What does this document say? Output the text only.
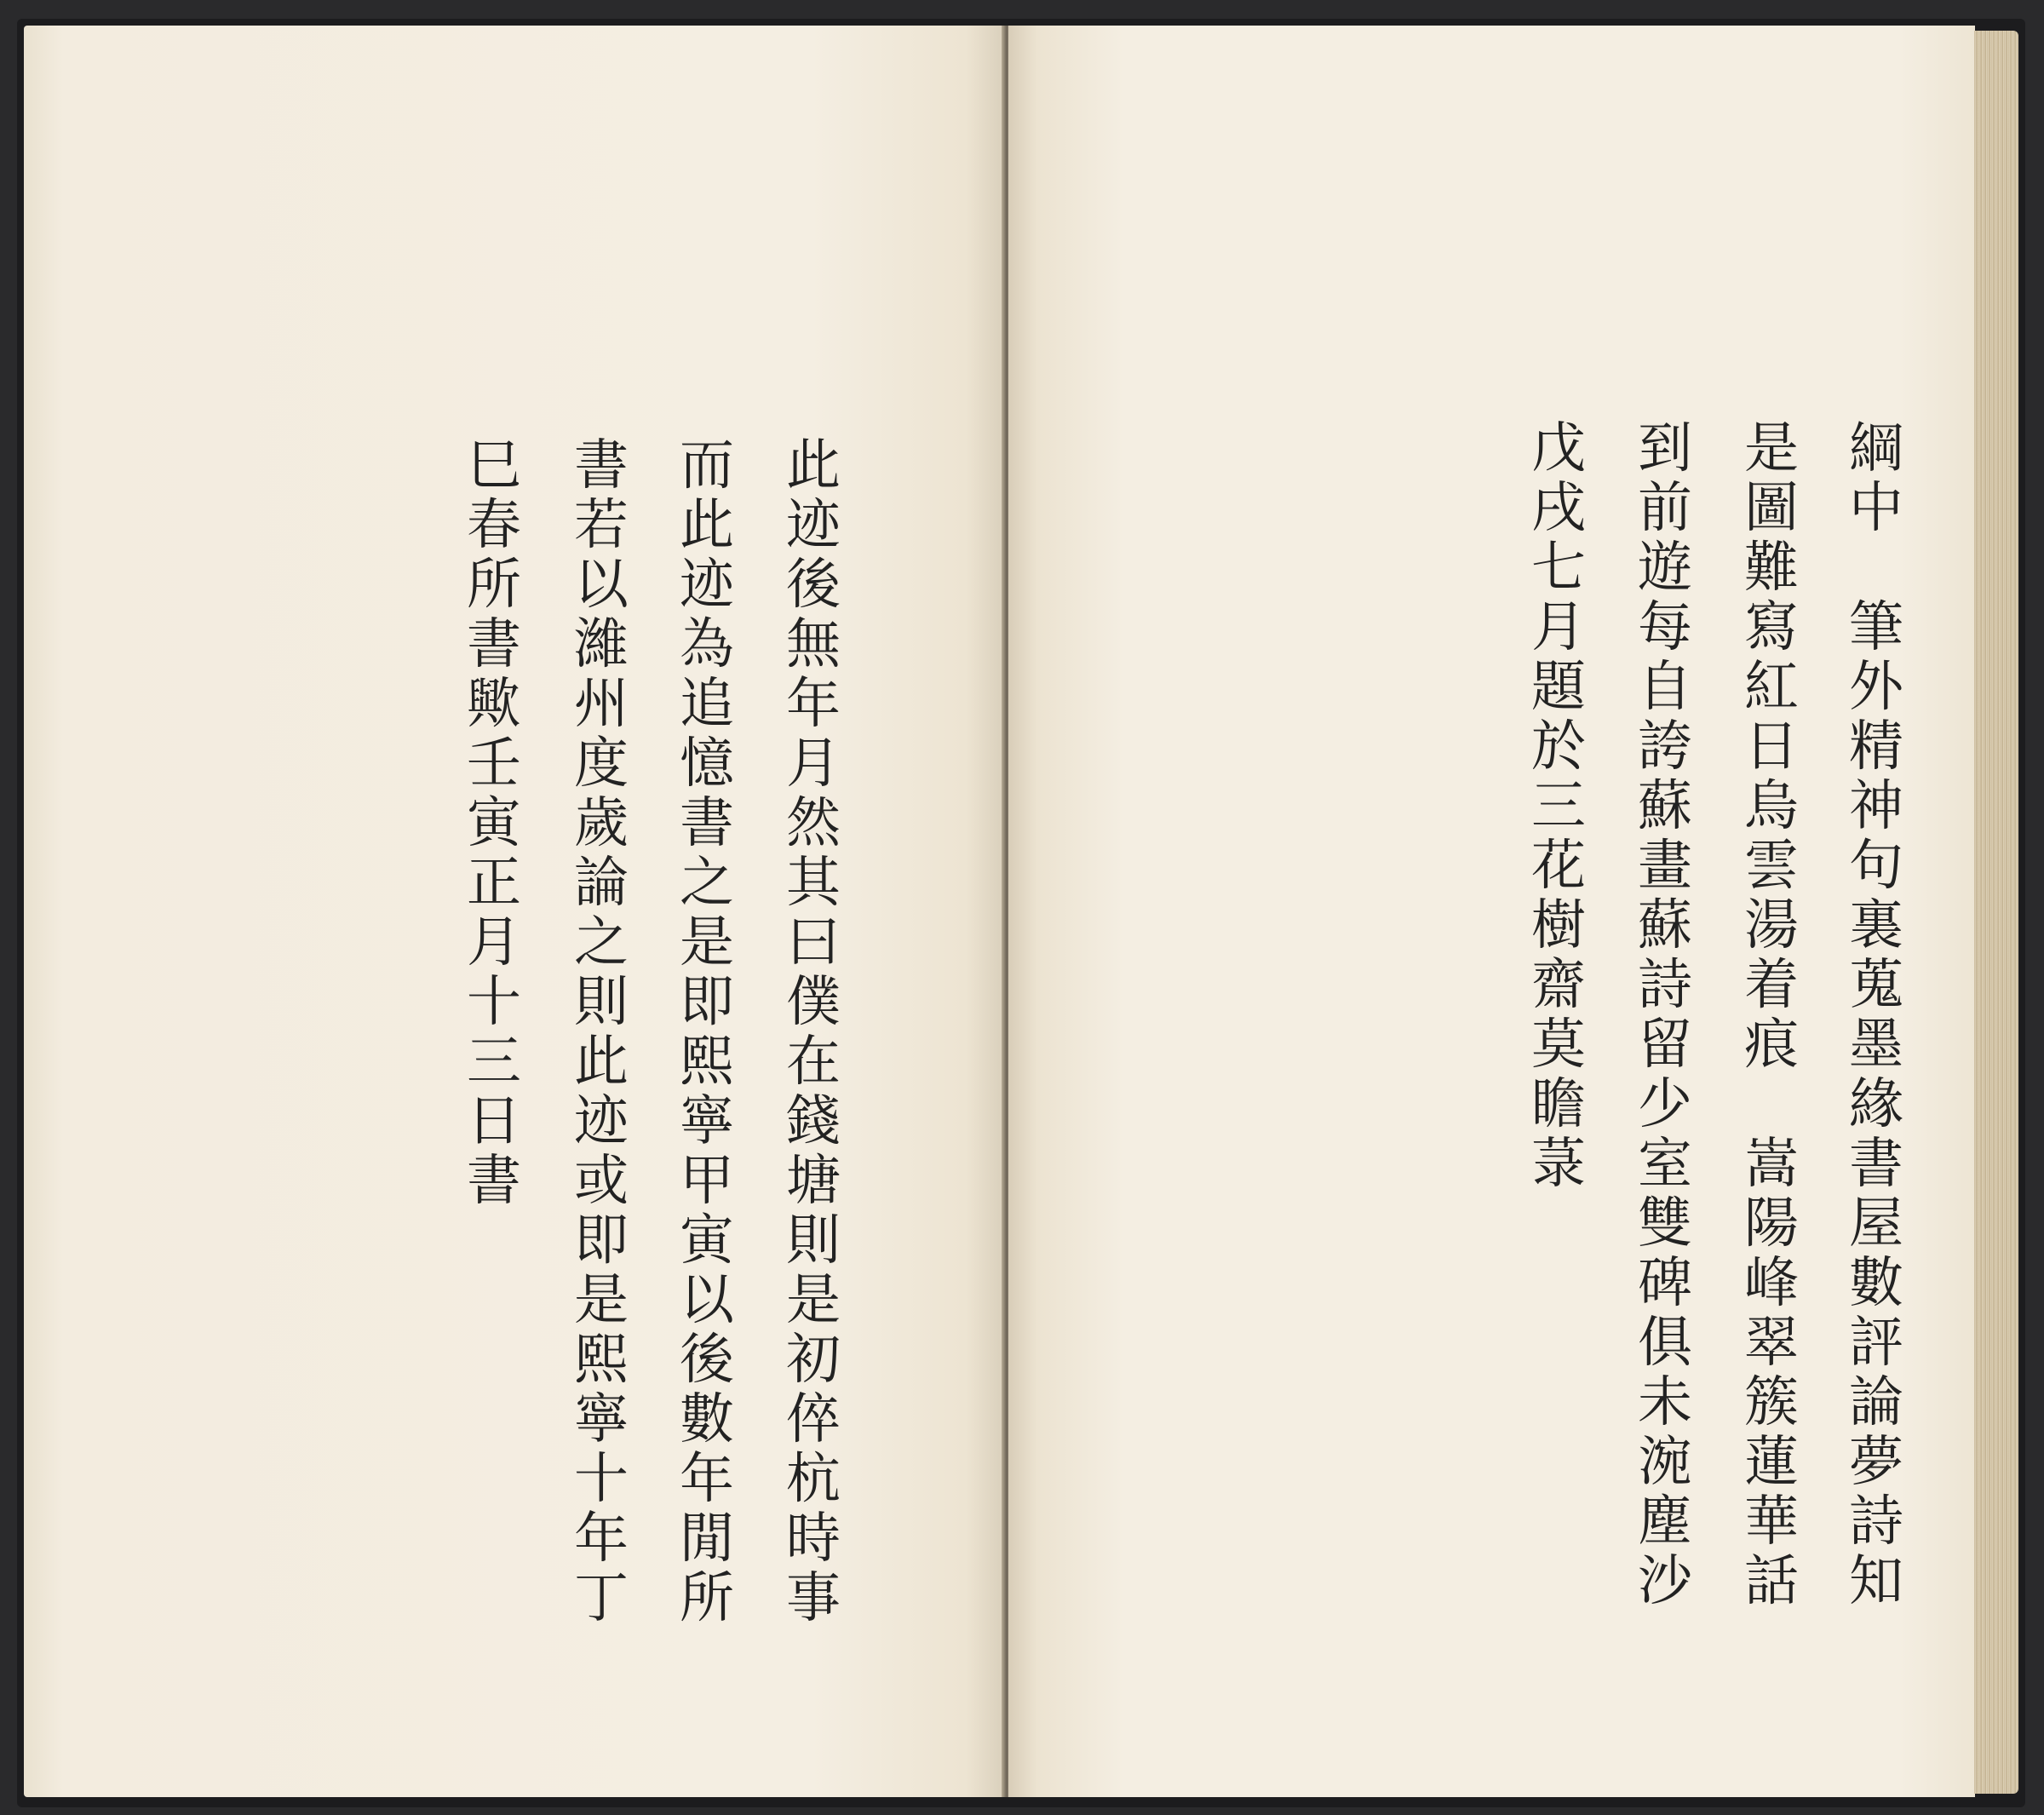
此
迹
後
無
年
月
然
其
曰
僕
在
錢
塘
則
是
初
倅
杭
時
事
而
此
迹
為
追
憶
書
之
是
即
熙
寧
甲
寅
以
後
數
年
閒
所
書
若
以
濰
州
度
歲
論
之
則
此
迹
或
即
是
熙
寧
十
年
丁
巳
春
所
書
歟
壬
寅
正
月
十
三
日
書
綱
中
筆
外
精
神
句
裏
蒐
墨
緣
書
屋
數
評
論
夢
詩
知
是
圖
難
寫
紅
日
烏
雲
湯
着
痕
嵩
陽
峰
翠
簇
蓮
華
話
到
前
遊
每
自
誇
蘇
畫
蘇
詩
留
少
室
雙
碑
俱
未
涴
塵
沙
戊
戌
七
月
題
於
三
花
樹
齋
莫
瞻
菉
